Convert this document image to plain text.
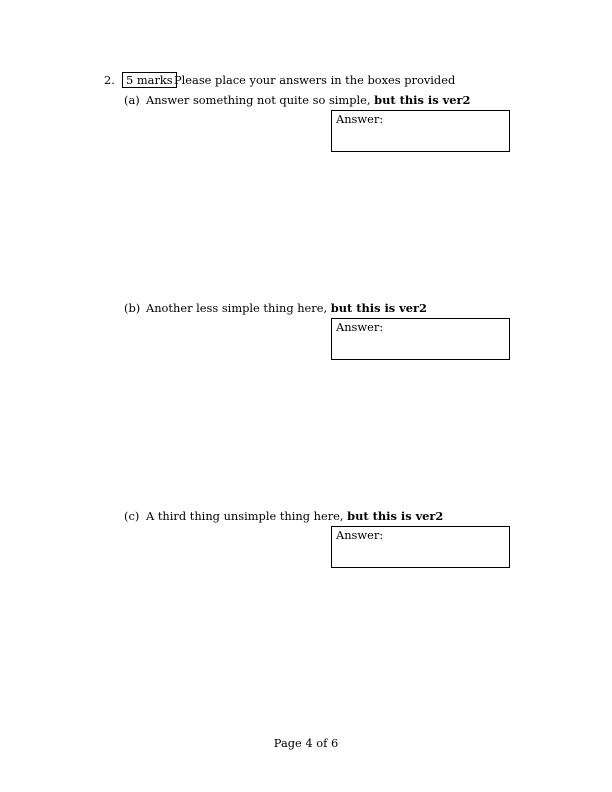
2. 5 marks Please place your answers in the boxes provided
(a) Answer something not quite so simple, but this is ver2
Answer:
(b) Another less simple thing here, but this is ver2
Answer:
(c) A third thing unsimple thing here, but this is ver2
Answer:
Page 4 of 6
